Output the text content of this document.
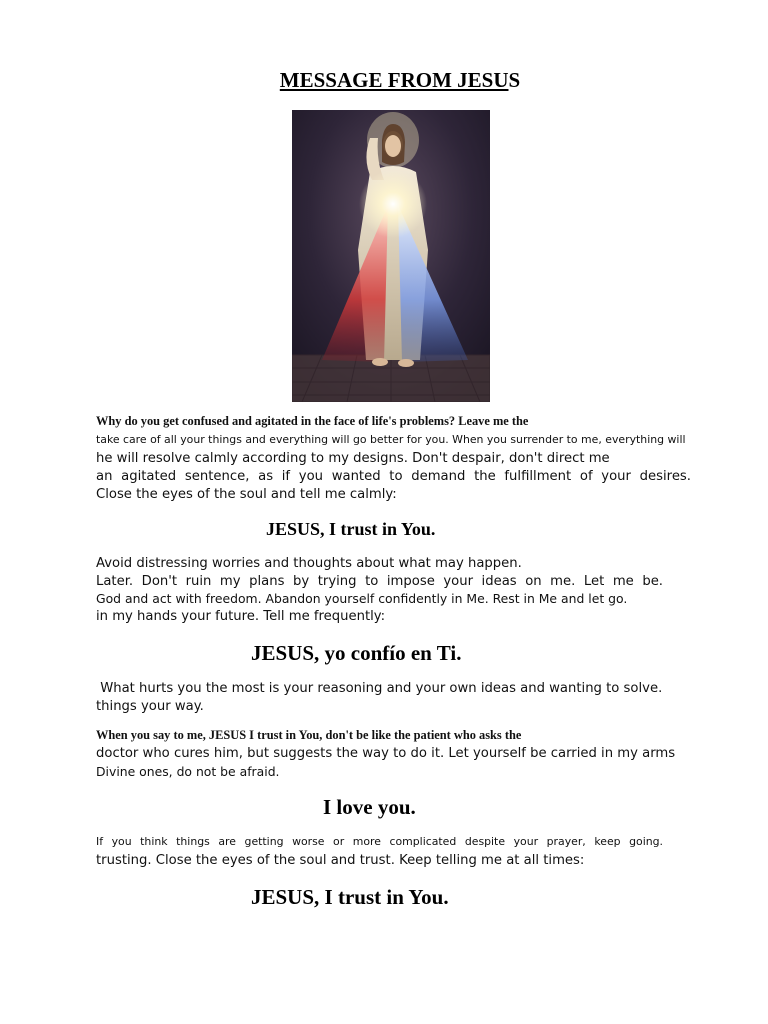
MESSAGE FROM JESUS
Why do you get confused and agitated in the face of life's problems? Leave me the
take care of all your things and everything will go better for you. When you surrender to me, everything will
he will resolve calmly according to my designs. Don't despair, don't direct me
an agitated sentence, as if you wanted to demand the fulfillment of your desires.
Close the eyes of the soul and tell me calmly:
JESUS, I trust in You.
Avoid distressing worries and thoughts about what may happen.
Later. Don't ruin my plans by trying to impose your ideas on me. Let me be.
God and act with freedom. Abandon yourself confidently in Me. Rest in Me and let go.
in my hands your future. Tell me frequently:
JESUS, yo confío en Ti.
What hurts you the most is your reasoning and your own ideas and wanting to solve.
things your way.
When you say to me, JESUS I trust in You, don't be like the patient who asks the
doctor who cures him, but suggests the way to do it. Let yourself be carried in my arms
Divine ones, do not be afraid.
I love you.
If you think things are getting worse or more complicated despite your prayer, keep going.
trusting. Close the eyes of the soul and trust. Keep telling me at all times:
JESUS, I trust in You.
